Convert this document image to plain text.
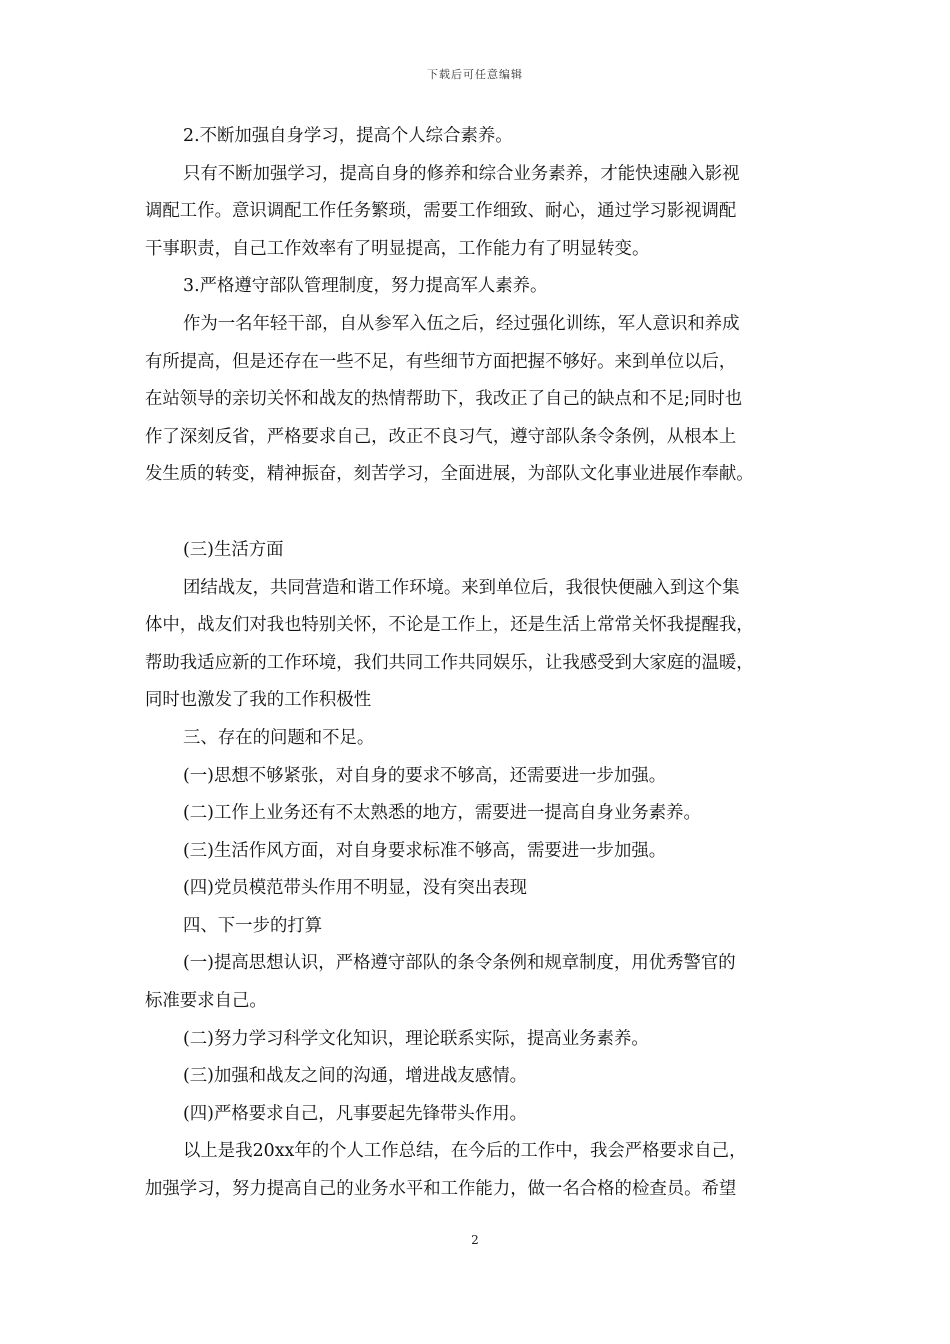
下载后可任意编辑

2.不断加强自身学习，提高个人综合素养。

只有不断加强学习，提高自身的修养和综合业务素养，才能快速融入影视

调配工作。意识调配工作任务繁琐，需要工作细致、耐心，通过学习影视调配

干事职责，自己工作效率有了明显提高，工作能力有了明显转变。

3.严格遵守部队管理制度，努力提高军人素养。

作为一名年轻干部，自从参军入伍之后，经过强化训练，军人意识和养成

有所提高，但是还存在一些不足，有些细节方面把握不够好。来到单位以后，

在站领导的亲切关怀和战友的热情帮助下，我改正了自己的缺点和不足;同时也

作了深刻反省，严格要求自己，改正不良习气，遵守部队条令条例，从根本上

发生质的转变，精神振奋，刻苦学习，全面进展，为部队文化事业进展作奉献。

(三)生活方面

团结战友，共同营造和谐工作环境。来到单位后，我很快便融入到这个集

体中，战友们对我也特别关怀，不论是工作上，还是生活上常常关怀我提醒我，

帮助我适应新的工作环境，我们共同工作共同娱乐，让我感受到大家庭的温暖，

同时也激发了我的工作积极性

三、存在的问题和不足。

(一)思想不够紧张，对自身的要求不够高，还需要进一步加强。

(二)工作上业务还有不太熟悉的地方，需要进一提高自身业务素养。

(三)生活作风方面，对自身要求标准不够高，需要进一步加强。

(四)党员模范带头作用不明显，没有突出表现

四、下一步的打算

(一)提高思想认识，严格遵守部队的条令条例和规章制度，用优秀警官的

标准要求自己。

(二)努力学习科学文化知识，理论联系实际，提高业务素养。

(三)加强和战友之间的沟通，增进战友感情。

(四)严格要求自己，凡事要起先锋带头作用。

以上是我20xx年的个人工作总结，在今后的工作中，我会严格要求自己，

加强学习，努力提高自己的业务水平和工作能力，做一名合格的检查员。希望

2
